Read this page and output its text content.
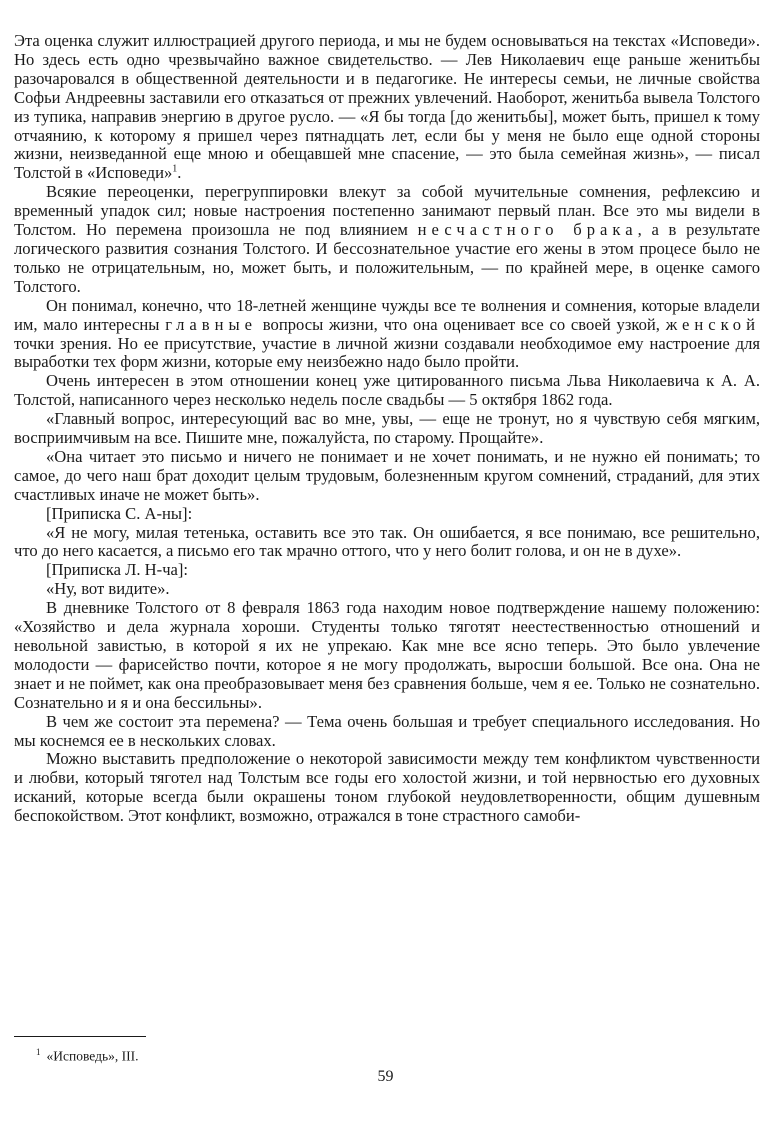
Эта оценка служит иллюстрацией другого периода, и мы не будем основываться на текстах «Исповеди». Но здесь есть одно чрезвычайно важное свидетельство. — Лев Николаевич еще раньше женитьбы разочаровался в общественной деятельности и в педагогике. Не интересы семьи, не личные свойства Софьи Андреевны заставили его отказаться от прежних увлечений. Наоборот, женитьба вывела Толстого из тупика, направив энергию в другое русло. — «Я бы тогда [до женитьбы], может быть, пришел к тому отчаянию, к которому я пришел через пятнадцать лет, если бы у меня не было еще одной стороны жизни, неизведанной еще мною и обещавшей мне спасение, — это была семейная жизнь», — писал Толстой в «Исповеди»$^1$.

Всякие переоценки, перегруппировки влекут за собой мучительные сомнения, рефлексию и временный упадок сил; новые настроения постепенно занимают первый план. Все это мы видели в Толстом. Но перемена произошла не под влиянием несчастного брака, а в результате логического развития сознания Толстого. И бессознательное участие его жены в этом процесе было не только не отрицательным, но, может быть, и положительным, — по крайней мере, в оценке самого Толстого.

Он понимал, конечно, что 18-летней женщине чужды все те волнения и сомнения, которые владели им, мало интересны главные вопросы жизни, что она оценивает все со своей узкой, женской точки зрения. Но ее присутствие, участие в личной жизни создавали необходимое ему настроение для выработки тех форм жизни, которые ему неизбежно надо было пройти.

Очень интересен в этом отношении конец уже цитированного письма Льва Николаевича к А. А. Толстой, написанного через несколько недель после свадьбы — 5 октября 1862 года.

«Главный вопрос, интересующий вас во мне, увы, — еще не тронут, но я чувствую себя мягким, восприимчивым на все. Пишите мне, пожалуйста, по старому. Прощайте».

«Она читает это письмо и ничего не понимает и не хочет понимать, и не нужно ей понимать; то самое, до чего наш брат доходит целым трудовым, болезненным кругом сомнений, страданий, для этих счастливых иначе не может быть».

[Приписка С. А-ны]:

«Я не могу, милая тетенька, оставить все это так. Он ошибается, я все понимаю, все решительно, что до него касается, а письмо его так мрачно оттого, что у него болит голова, и он не в духе».

[Приписка Л. Н-ча]:

«Ну, вот видите».

В дневнике Толстого от 8 февраля 1863 года находим новое подтверждение нашему положению: «Хозяйство и дела журнала хороши. Студенты только тяготят неестественностью отношений и невольной завистью, в которой я их не упрекаю. Как мне все ясно теперь. Это было увлечение молодости — фарисейство почти, которое я не могу продолжать, выросши большой. Все она. Она не знает и не поймет, как она преобразовывает меня без сравнения больше, чем я ее. Только не сознательно. Сознательно и я и она бессильны».

В чем же состоит эта перемена? — Тема очень большая и требует специального исследования. Но мы коснемся ее в нескольких словах.

Можно выставить предположение о некоторой зависимости между тем конфликтом чувственности и любви, который тяготел над Толстым все годы его холостой жизни, и той нервностью его духовных исканий, которые всегда были окрашены тоном глубокой неудовлетворенности, общим душевным беспокойством. Этот конфликт, возможно, отражался в тоне страстного самоби-

$^1$ «Исповедь», III.
59
